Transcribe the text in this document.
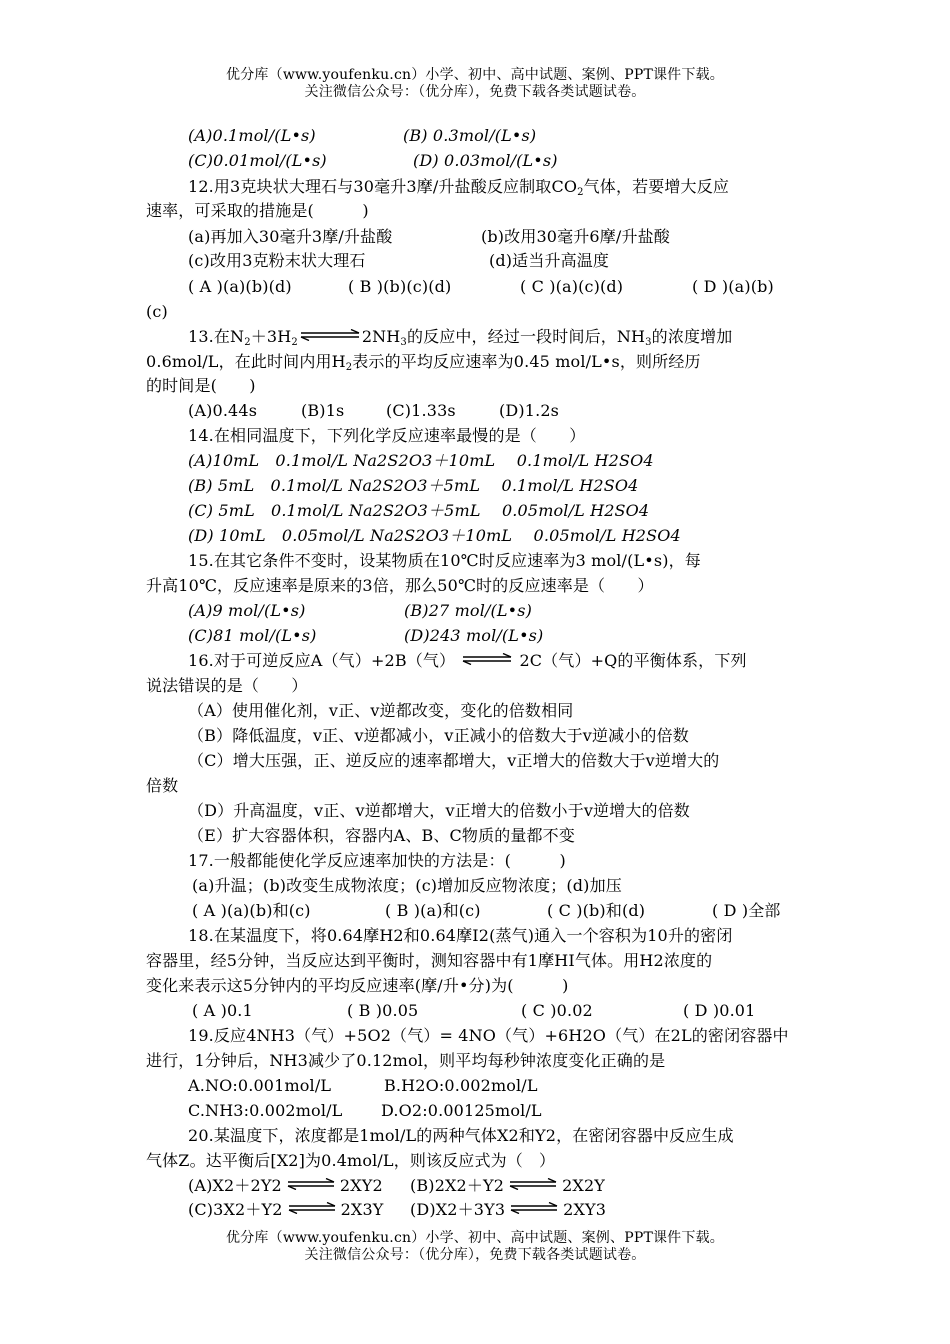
优分库（www.youfenku.cn）小学、初中、高中试题、案例、PPT课件下载。
关注微信公众号：（优分库），免费下载各类试题试卷。
(A)0.1mol/(L•s)	(B) 0.3mol/(L•s)
(C)0.01mol/(L•s)	(D) 0.03mol/(L•s)
12.用3克块状大理石与30毫升3摩/升盐酸反应制取$CO_2$气体，若要增大反应
速率，可采取的措施是(　　　)
(a)再加入30毫升3摩/升盐酸	(b)改用30毫升6摩/升盐酸
(c)改用3克粉末状大理石	(d)适当升高温度
( A )(a)(b)(d)	( B )(b)(c)(d)	( C )(a)(c)(d)	( D )(a)(b)
(c)
13.在$N_2+3H_2$ $\rightleftharpoons 2NH_3$的反应中，经过一段时间后，$NH_3$的浓度增加
0.6mol/L，在此时间内用$H_2$表示的平均反应速率为0.45 mol/L•s，则所经历
的时间是(　　)
(A)0.44s	(B)1s	(C)1.33s	(D)1.2s
14.在相同温度下，下列化学反应速率最慢的是（　　）
(A)10mL　0.1mol/L Na2S2O3＋10mL　 0.1mol/L H2SO4
(B) 5mL　0.1mol/L Na2S2O3＋5mL　 0.1mol/L H2SO4
(C) 5mL　0.1mol/L Na2S2O3＋5mL　 0.05mol/L H2SO4
(D) 10mL　0.05mol/L Na2S2O3＋10mL　 0.05mol/L H2SO4
15.在其它条件不变时，设某物质在10℃时反应速率为3 mol/(L•s)，每
升高10℃，反应速率是原来的3倍，那么50℃时的反应速率是（　　）
(A)9 mol/(L•s)	(B)27 mol/(L•s)
(C)81 mol/(L•s)	(D)243 mol/(L•s)
16.对于可逆反应A（气）+2B（气） ⇌ 2C（气）+Q的平衡体系，下列
说法错误的是（　　）
（A）使用催化剂，v正、v逆都改变，变化的倍数相同
（B）降低温度，v正、v逆都减小，v正减小的倍数大于v逆减小的倍数
（C）增大压强，正、逆反应的速率都增大，v正增大的倍数大于v逆增大的
倍数
（D）升高温度，v正、v逆都增大，v正增大的倍数小于v逆增大的倍数
（E）扩大容器体积，容器内A、B、C物质的量都不变
17.一般都能使化学反应速率加快的方法是：(　　　)
(a)升温；(b)改变生成物浓度；(c)增加反应物浓度；(d)加压
( A )(a)(b)和(c)	( B )(a)和(c)	( C )(b)和(d)	( D )全部
18.在某温度下，将0.64摩H2和0.64摩I2(蒸气)通入一个容积为10升的密闭
容器里，经5分钟，当反应达到平衡时，测知容器中有1摩HI气体。用H2浓度的
变化来表示这5分钟内的平均反应速率(摩/升•分)为(　　　)
( A )0.1	( B )0.05	( C )0.02	( D )0.01
19.反应4NH3（气）+5O2（气）= 4NO（气）+6H2O（气）在2L的密闭容器中
进行，1分钟后，NH3减少了0.12mol，则平均每秒钟浓度变化正确的是
A.NO:0.001mol/L	B.H2O:0.002mol/L
C.NH3:0.002mol/L D.O2:0.00125mol/L
20.某温度下，浓度都是1mol/L的两种气体X2和Y2，在密闭容器中反应生成
气体Z。达平衡后[X2]为0.4mol/L，则该反应式为（　）
(A)X2＋2Y2 ⇌ 2XY2 (B)2X2＋Y2 ⇌ 2X2Y
(C)3X2＋Y2 ⇌ 2X3Y (D)X2＋3Y3 ⇌ 2XY3
优分库（www.youfenku.cn）小学、初中、高中试题、案例、PPT课件下载。
关注微信公众号：（优分库），免费下载各类试题试卷。
